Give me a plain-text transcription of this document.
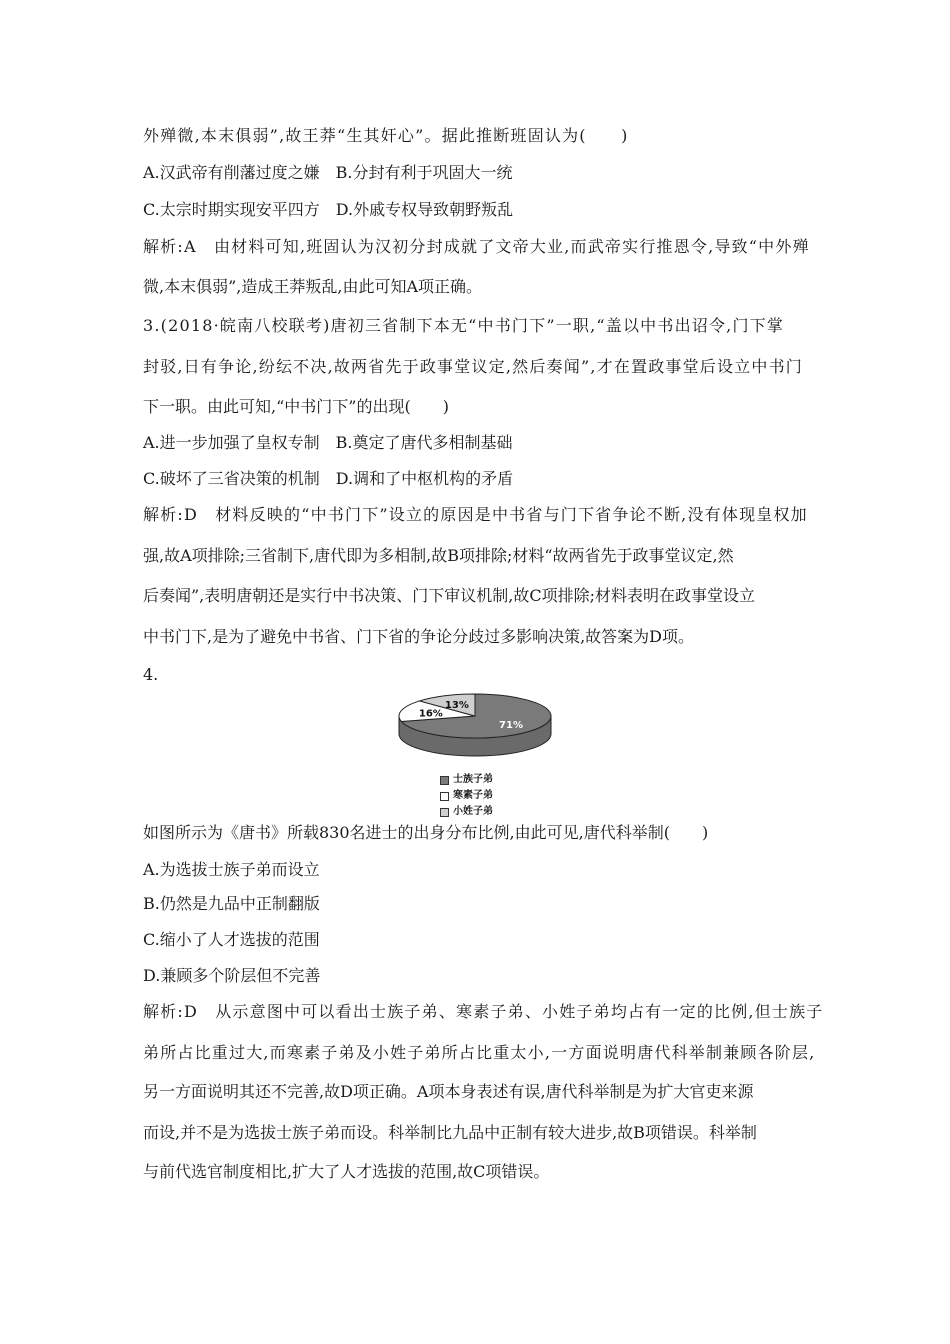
外殚微,本末俱弱”,故王莽“生其奸心”。据此推断班固认为(　　)
A.汉武帝有削藩过度之嫌　B.分封有利于巩固大一统
C.太宗时期实现安平四方　D.外戚专权导致朝野叛乱
解析:A　由材料可知,班固认为汉初分封成就了文帝大业,而武帝实行推恩令,导致“中外殚
微,本末俱弱”,造成王莽叛乱,由此可知A项正确。
3.(2018·皖南八校联考)唐初三省制下本无“中书门下”一职,“盖以中书出诏令,门下掌
封驳,日有争论,纷纭不决,故两省先于政事堂议定,然后奏闻”,才在置政事堂后设立中书门
下一职。由此可知,“中书门下”的出现(　　)
A.进一步加强了皇权专制　B.奠定了唐代多相制基础
C.破坏了三省决策的机制　D.调和了中枢机构的矛盾
解析:D　材料反映的“中书门下”设立的原因是中书省与门下省争论不断,没有体现皇权加
强,故A项排除;三省制下,唐代即为多相制,故B项排除;材料“故两省先于政事堂议定,然
后奏闻”,表明唐朝还是实行中书决策、门下审议机制,故C项排除;材料表明在政事堂设立
中书门下,是为了避免中书省、门下省的争论分歧过多影响决策,故答案为D项。
4.
71%
16%
13%
士族子弟
寒素子弟
小姓子弟
如图所示为《唐书》所载830名进士的出身分布比例,由此可见,唐代科举制(　　)
A.为选拔士族子弟而设立
B.仍然是九品中正制翻版
C.缩小了人才选拔的范围
D.兼顾多个阶层但不完善
解析:D　从示意图中可以看出士族子弟、寒素子弟、小姓子弟均占有一定的比例,但士族子
弟所占比重过大,而寒素子弟及小姓子弟所占比重太小,一方面说明唐代科举制兼顾各阶层,
另一方面说明其还不完善,故D项正确。A项本身表述有误,唐代科举制是为扩大官吏来源
而设,并不是为选拔士族子弟而设。科举制比九品中正制有较大进步,故B项错误。科举制
与前代选官制度相比,扩大了人才选拔的范围,故C项错误。
